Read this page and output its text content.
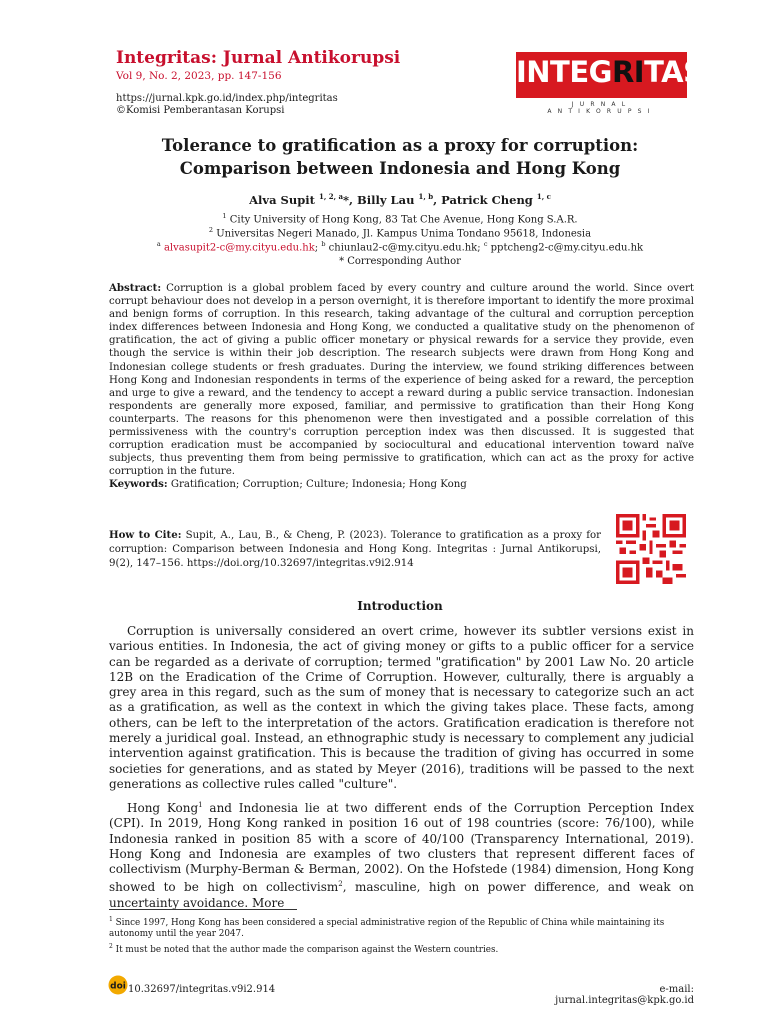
Integritas: Jurnal Antikorupsi
Vol 9, No. 2, 2023, pp. 147-156
https://jurnal.kpk.go.id/index.php/integritas
©Komisi Pemberantasan Korupsi
INTEGRITAS
JURNAL ANTIKORUPSI
Tolerance to gratification as a proxy for corruption:
Comparison between Indonesia and Hong Kong
Alva Supit $^{1, 2, a}$*, Billy Lau $^{1, b}$, Patrick Cheng $^{1, c}$
$^1$ City University of Hong Kong, 83 Tat Che Avenue, Hong Kong S.A.R.
$^2$ Universitas Negeri Manado, Jl. Kampus Unima Tondano 95618, Indonesia
$^a$ alvasupit2-c@my.cityu.edu.hk; $^b$ chiunlau2-c@my.cityu.edu.hk; $^c$ pptcheng2-c@my.cityu.edu.hk
* Corresponding Author
Abstract: Corruption is a global problem faced by every country and culture around the world. Since overt corrupt behaviour does not develop in a person overnight, it is therefore important to identify the more proximal and benign forms of corruption. In this research, taking advantage of the cultural and corruption perception index differences between Indonesia and Hong Kong, we conducted a qualitative study on the phenomenon of gratification, the act of giving a public officer monetary or physical rewards for a service they provide, even though the service is within their job description. The research subjects were drawn from Hong Kong and Indonesian college students or fresh graduates. During the interview, we found striking differences between Hong Kong and Indonesian respondents in terms of the experience of being asked for a reward, the perception and urge to give a reward, and the tendency to accept a reward during a public service transaction. Indonesian respondents are generally more exposed, familiar, and permissive to gratification than their Hong Kong counterparts. The reasons for this phenomenon were then investigated and a possible correlation of this permissiveness with the country's corruption perception index was then discussed. It is suggested that corruption eradication must be accompanied by sociocultural and educational intervention toward naïve subjects, thus preventing them from being permissive to gratification, which can act as the proxy for active corruption in the future.
Keywords: Gratification; Corruption; Culture; Indonesia; Hong Kong
How to Cite: Supit, A., Lau, B., & Cheng, P. (2023). Tolerance to gratification as a proxy for corruption: Comparison between Indonesia and Hong Kong. Integritas : Jurnal Antikorupsi, 9(2), 147–156. https://doi.org/10.32697/integritas.v9i2.914
Introduction

Corruption is universally considered an overt crime, however its subtler versions exist in various entities. In Indonesia, the act of giving money or gifts to a public officer for a service can be regarded as a derivate of corruption; termed "gratification" by 2001 Law No. 20 article 12B on the Eradication of the Crime of Corruption. However, culturally, there is arguably a grey area in this regard, such as the sum of money that is necessary to categorize such an act as a gratification, as well as the context in which the giving takes place. These facts, among others, can be left to the interpretation of the actors. Gratification eradication is therefore not merely a juridical goal. Instead, an ethnographic study is necessary to complement any judicial intervention against gratification. This is because the tradition of giving has occurred in some societies for generations, and as stated by Meyer (2016), traditions will be passed to the next generations as collective rules called "culture".

Hong Kong$^1$ and Indonesia lie at two different ends of the Corruption Perception Index (CPI). In 2019, Hong Kong ranked in position 16 out of 198 countries (score: 76/100), while Indonesia ranked in position 85 with a score of 40/100 (Transparency International, 2019). Hong Kong and Indonesia are examples of two clusters that represent different faces of collectivism (Murphy-Berman & Berman, 2002). On the Hofstede (1984) dimension, Hong Kong showed to be high on collectivism$^2$, masculine, high on power difference, and weak on uncertainty avoidance. More

$^1$ Since 1997, Hong Kong has been considered a special administrative region of the Republic of China while maintaining its autonomy until the year 2047.

$^2$ It must be noted that the author made the comparison against the Western countries.

doi 10.32697/integritas.v9i2.914	e-mail: jurnal.integritas@kpk.go.id
